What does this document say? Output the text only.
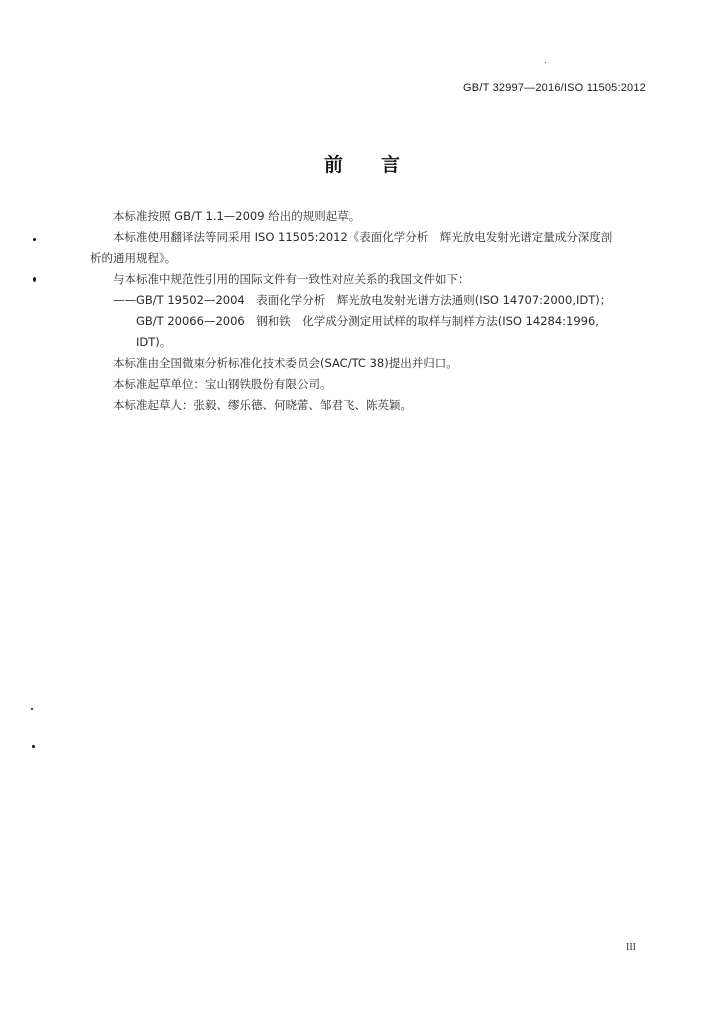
GB/T 32997—2016/ISO 11505:2012
前言

本标准按照 GB/T 1.1—2009 给出的规则起草。

本标准使用翻译法等同采用 ISO 11505:2012《表面化学分析　辉光放电发射光谱定量成分深度剖

析的通用规程》。

与本标准中规范性引用的国际文件有一致性对应关系的我国文件如下：

——GB/T 19502—2004　表面化学分析　辉光放电发射光谱方法通则(ISO 14707:2000,IDT)；

GB/T 20066—2006　钢和铁　化学成分测定用试样的取样与制样方法(ISO 14284:1996,

IDT)。

本标准由全国微束分析标准化技术委员会(SAC/TC 38)提出并归口。

本标准起草单位：宝山钢铁股份有限公司。

本标准起草人：张毅、缪乐德、何晓蕾、邹君飞、陈英颖。

III
